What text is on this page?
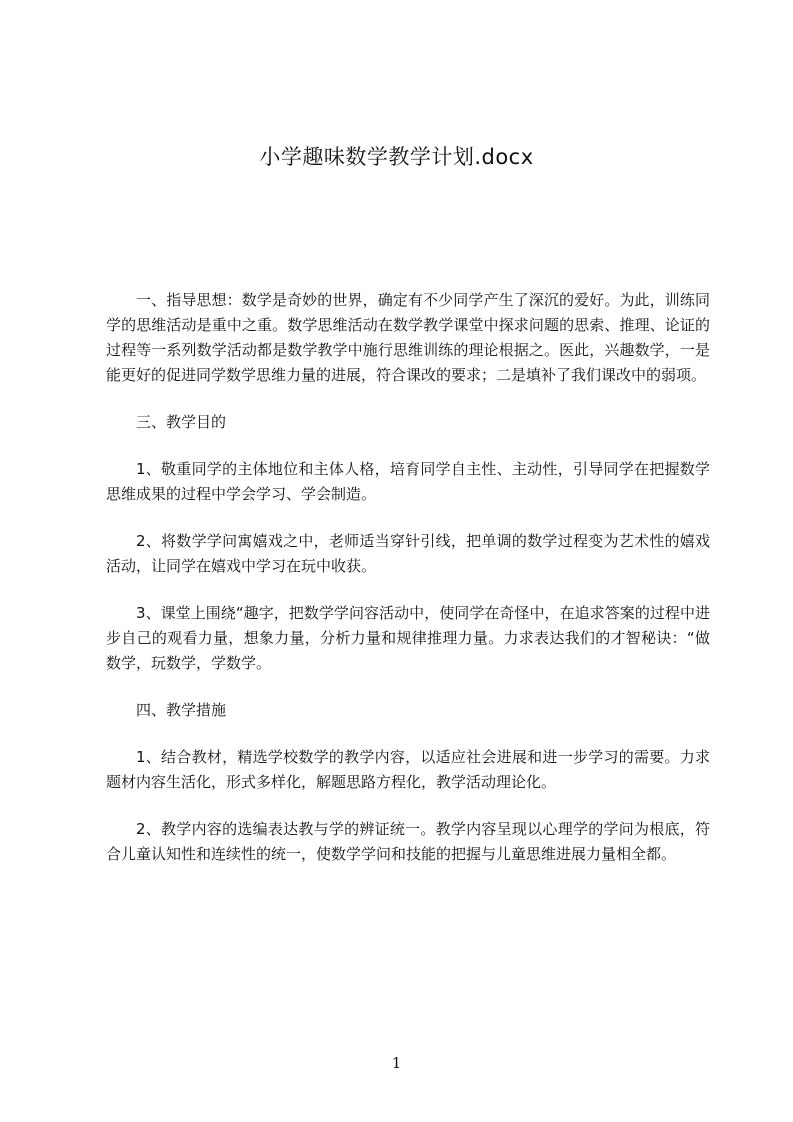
小学趣味数学教学计划.docx

一、指导思想：数学是奇妙的世界，确定有不少同学产生了深沉的爱好。为此，训练同学的思维活动是重中之重。数学思维活动在数学教学课堂中探求问题的思索、推理、论证的过程等一系列数学活动都是数学教学中施行思维训练的理论根据之。医此，兴趣数学，一是能更好的促进同学数学思维力量的进展，符合课改的要求；二是填补了我们课改中的弱项。

三、教学目的

1、敬重同学的主体地位和主体人格，培育同学自主性、主动性，引导同学在把握数学思维成果的过程中学会学习、学会制造。

2、将数学学问寓嬉戏之中，老师适当穿针引线，把单调的数学过程变为艺术性的嬉戏活动，让同学在嬉戏中学习在玩中收获。

3、课堂上围绕“趣字，把数学学问容活动中，使同学在奇怪中，在追求答案的过程中进步自己的观看力量，想象力量，分析力量和规律推理力量。力求表达我们的才智秘诀：“做数学，玩数学，学数学。

四、教学措施

1、结合教材，精选学校数学的教学内容，以适应社会进展和进一步学习的需要。力求题材内容生活化，形式多样化，解题思路方程化，教学活动理论化。

2、教学内容的选编表达教与学的辨证统一。教学内容呈现以心理学的学问为根底，符合儿童认知性和连续性的统一，使数学学问和技能的把握与儿童思维进展力量相全都。

1
